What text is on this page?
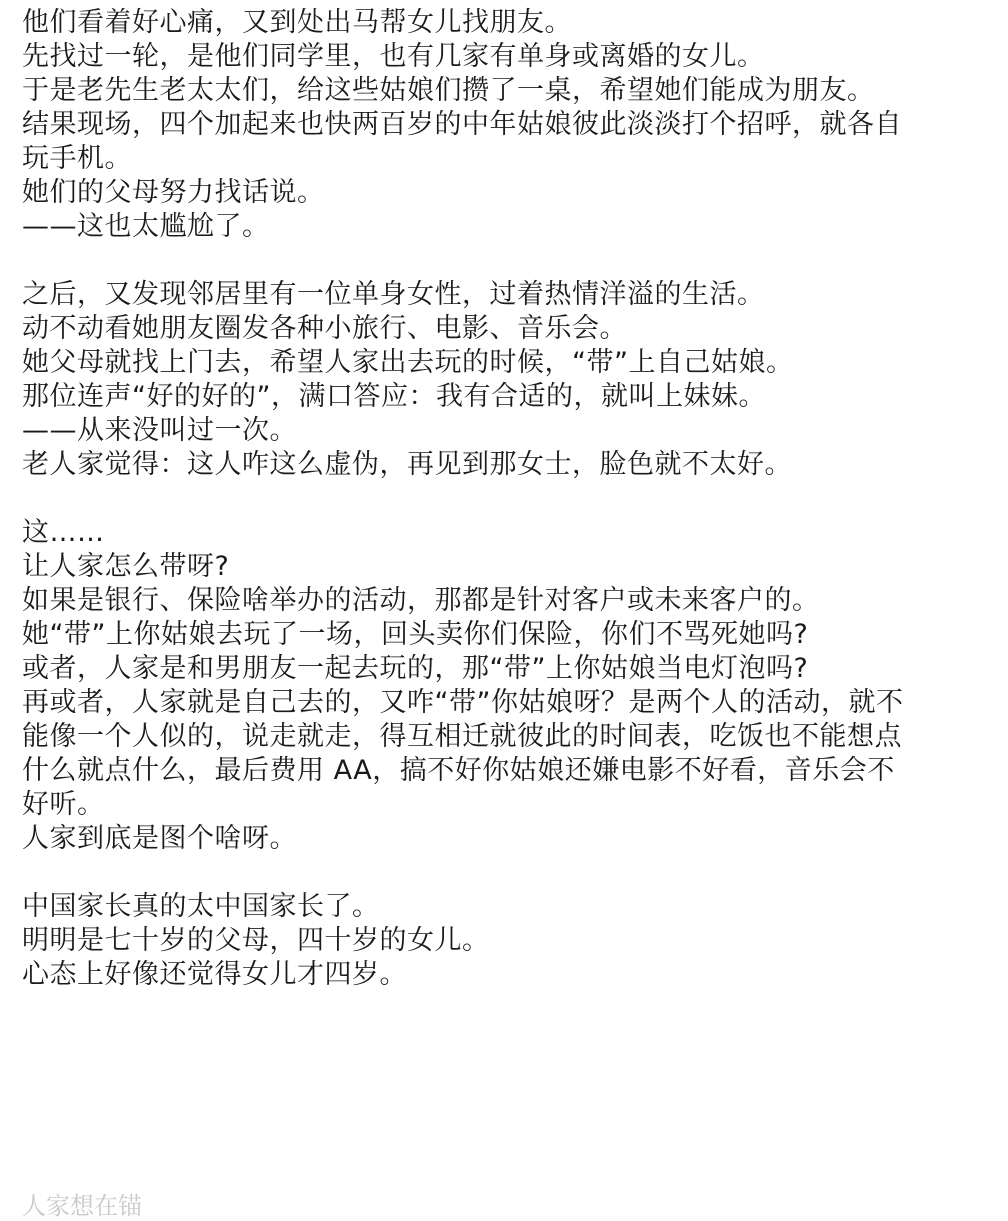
他们看着好心痛，又到处出马帮女儿找朋友。
先找过一轮，是他们同学里，也有几家有单身或离婚的女儿。
于是老先生老太太们，给这些姑娘们攒了一桌，希望她们能成为朋友。
结果现场，四个加起来也快两百岁的中年姑娘彼此淡淡打个招呼，就各自
玩手机。
她们的父母努力找话说。
——这也太尴尬了。
之后，又发现邻居里有一位单身女性，过着热情洋溢的生活。
动不动看她朋友圈发各种小旅行、电影、音乐会。
她父母就找上门去，希望人家出去玩的时候，“带”上自己姑娘。
那位连声“好的好的”，满口答应：我有合适的，就叫上妹妹。
——从来没叫过一次。
老人家觉得：这人咋这么虚伪，再见到那女士，脸色就不太好。
这……
让人家怎么带呀?
如果是银行、保险啥举办的活动，那都是针对客户或未来客户的。
她“带”上你姑娘去玩了一场，回头卖你们保险，你们不骂死她吗?
或者，人家是和男朋友一起去玩的，那“带”上你姑娘当电灯泡吗?
再或者，人家就是自己去的，又咋“带”你姑娘呀？是两个人的活动，就不
能像一个人似的，说走就走，得互相迁就彼此的时间表，吃饭也不能想点
什么就点什么，最后费用 AA，搞不好你姑娘还嫌电影不好看，音乐会不
好听。
人家到底是图个啥呀。
中国家长真的太中国家长了。
明明是七十岁的父母，四十岁的女儿。
心态上好像还觉得女儿才四岁。
人家想在锚
